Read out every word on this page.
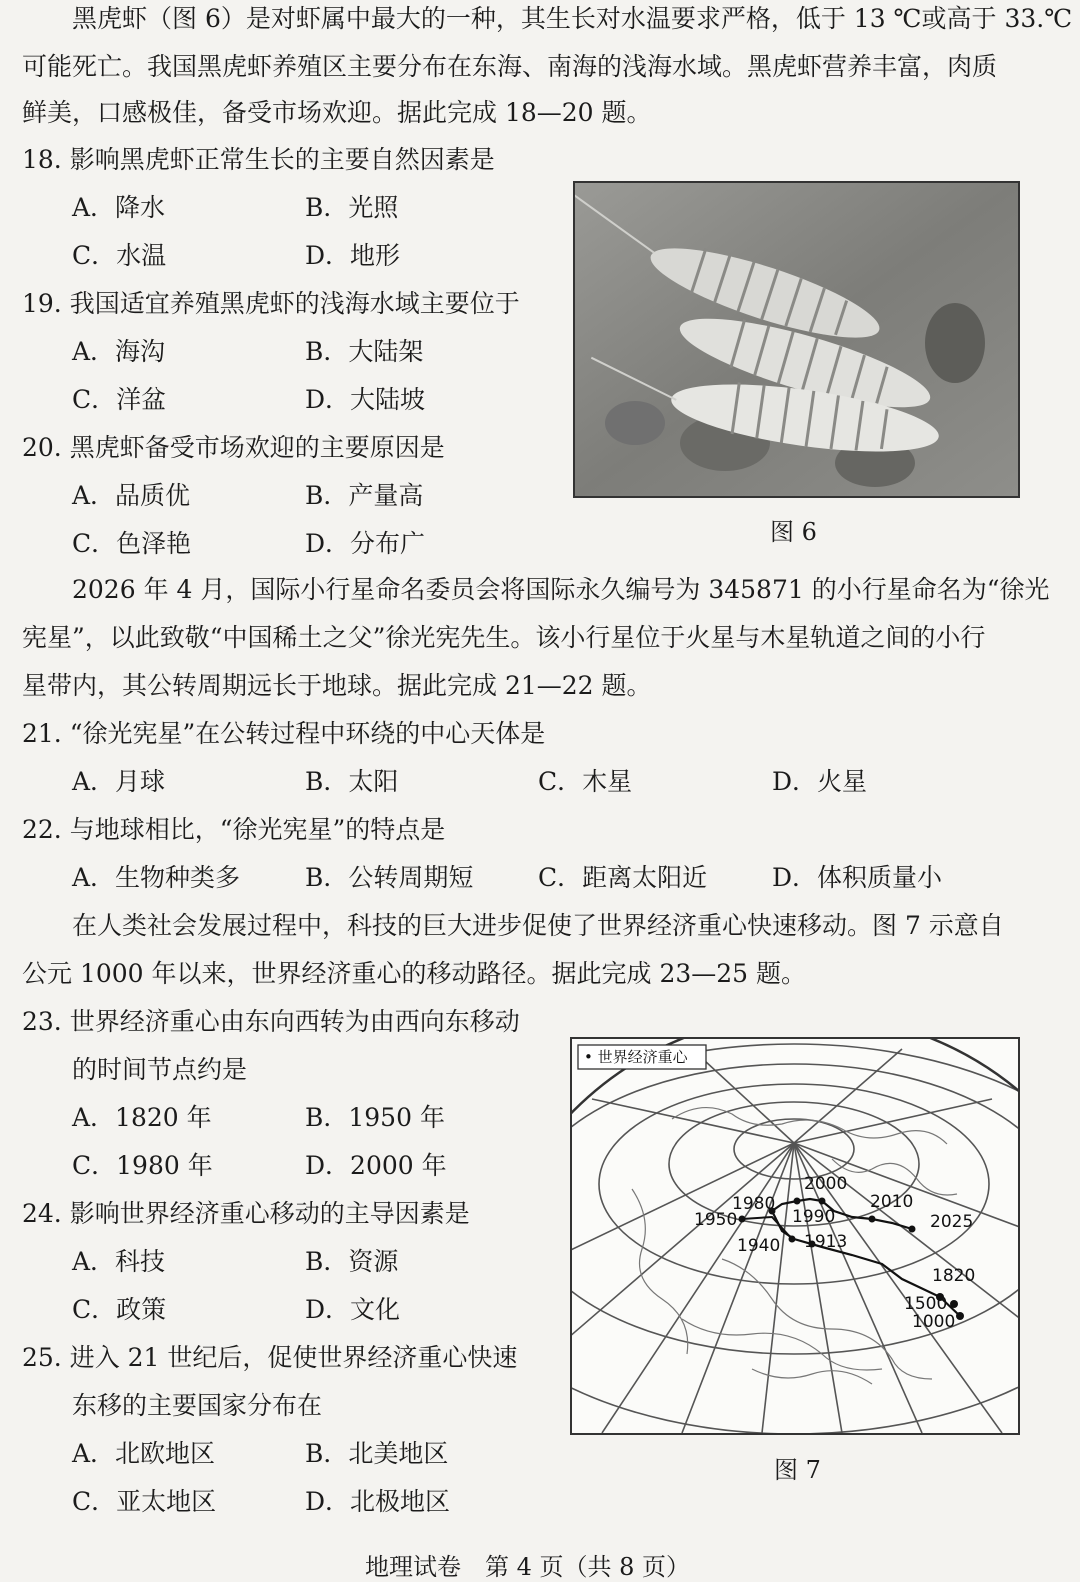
黑虎虾（图 6）是对虾属中最大的一种，其生长对水温要求严格，低于 13 ℃或高于 33.℃
可能死亡。我国黑虎虾养殖区主要分布在东海、南海的浅海水域。黑虎虾营养丰富，肉质
鲜美，口感极佳，备受市场欢迎。据此完成 18—20 题。
18. 影响黑虎虾正常生长的主要自然因素是
A．降水	B．光照
C．水温	D．地形
19. 我国适宜养殖黑虎虾的浅海水域主要位于
A．海沟	B．大陆架
C．洋盆	D．大陆坡
20. 黑虎虾备受市场欢迎的主要原因是
A．品质优	B．产量高
C．色泽艳	D．分布广	图 6
2026 年 4 月，国际小行星命名委员会将国际永久编号为 345871 的小行星命名为“徐光
宪星”，以此致敬“中国稀土之父”徐光宪先生。该小行星位于火星与木星轨道之间的小行
星带内，其公转周期远长于地球。据此完成 21—22 题。
21. “徐光宪星”在公转过程中环绕的中心天体是
A．月球	B．太阳	C．木星	D．火星
22. 与地球相比，“徐光宪星”的特点是
A．生物种类多	B．公转周期短	C．距离太阳近	D．体积质量小
在人类社会发展过程中，科技的巨大进步促使了世界经济重心快速移动。图 7 示意自
公元 1000 年以来，世界经济重心的移动路径。据此完成 23—25 题。
23. 世界经济重心由东向西转为由西向东移动
的时间节点约是
A．1820 年	B．1950 年
C．1980 年	D．2000 年
24. 影响世界经济重心移动的主导因素是
A．科技	B．资源
C．政策	D．文化
25. 进入 21 世纪后，促使世界经济重心快速
东移的主要国家分布在
A．北欧地区	B．北美地区
C．亚太地区	D．北极地区
• 世界经济重心
1950
1980
2000
2010
2025
1990
1940 1913
1820
1500
1000
图 7
地理试卷　第 4 页（共 8 页）
